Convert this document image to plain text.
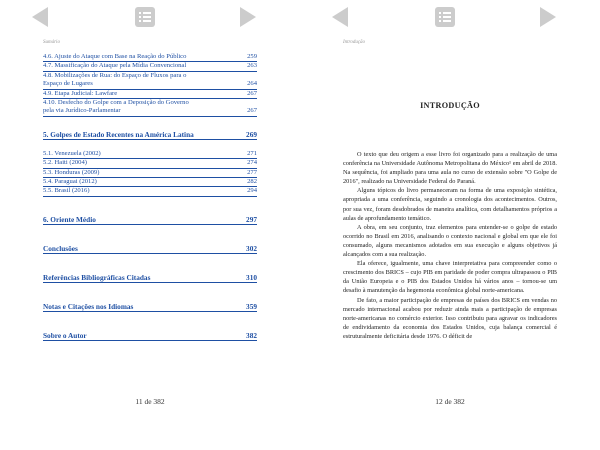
Sumário
4.6. Ajuste do Ataque com Base na Reação do Público	259
4.7. Massificação do Ataque pela Mídia Convencional	263
4.8. Mobilizações de Rua: do Espaço de Fluxos para o
Espaço de Lugares	264
4.9. Etapa Judicial: Lawfare	267
4.10. Desfecho do Golpe com a Deposição do Governo
pela via Jurídico-Parlamentar	267
5. Golpes de Estado Recentes na América Latina	269
5.1. Venezuela (2002)	271
5.2. Haiti (2004)	274
5.3. Honduras (2009)	277
5.4. Paraguai (2012)	282
5.5. Brasil (2016)	294
6. Oriente Médio	297
Conclusões	302
Referências Bibliográficas Citadas	310
Notas e Citações nos Idiomas	359
Sobre o Autor	382
11 de 382
Introdução
INTRODUÇÃO

O texto que deu origem a esse livro foi organizado para a realização de uma conferência na Universidade Autônoma Metropolitana do México¹ em abril de 2018. Na sequência, foi ampliado para uma aula no curso de extensão sobre "O Golpe de 2016", realizado na Universidade Federal do Paraná.

Alguns tópicos do livro permaneceram na forma de uma exposição sintética, apropriada a uma conferência, seguindo a cronologia dos acontecimentos. Outros, por sua vez, foram desdobrados de maneira analítica, com detalhamentos próprios a aulas de aprofundamento temático.

A obra, em seu conjunto, traz elementos para entender-se o golpe de estado ocorrido no Brasil em 2016, analisando o contexto nacional e global em que ele foi consumado, alguns mecanismos adotados em sua execução e alguns objetivos já alcançados com a sua realização.

Ela oferece, igualmente, uma chave interpretativa para compreender como o crescimento dos BRICS – cujo PIB em paridade de poder compra ultrapassou o PIB da União Europeia e o PIB dos Estados Unidos há vários anos – tornou-se um desafio à manutenção da hegemonia econômica global norte-americana.

De fato, a maior participação de empresas de países dos BRICS em vendas no mercado internacional acabou por reduzir ainda mais a participação de empresas norte-americanas no comércio exterior. Isso contribuiu para agravar os indicadores de endividamento da economia dos Estados Unidos, cuja balança comercial é estruturalmente deficitária desde 1976. O déficit de

12 de 382
